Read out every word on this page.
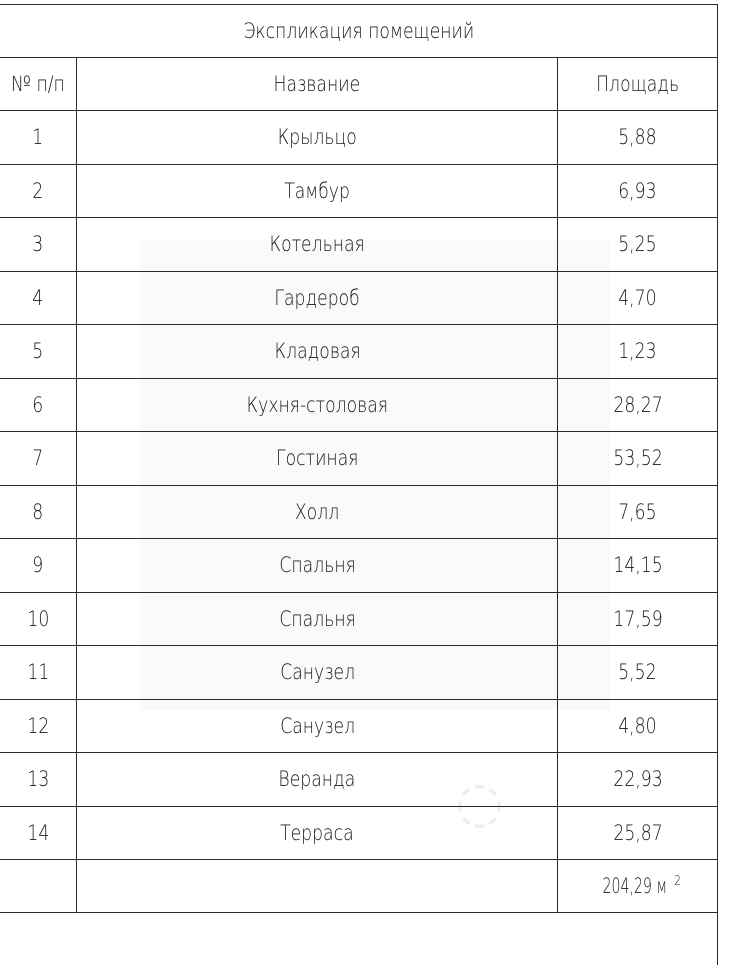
◌
Экспликация помещений		
№ п/п	Название	Площадь
1	Крыльцо	5,88
2	Тамбур	6,93
3	Котельная	5,25
4	Гардероб	4,70
5	Кладовая	1,23
6	Кухня-столовая	28,27
7	Гостиная	53,52
8	Холл	7,65
9	Спальня	14,15
10	Спальня	17,59
11	Санузел	5,52
12	Санузел	4,80
13	Веранда	22,93
14	Терраса	25,87
		204,29 м $^2$
